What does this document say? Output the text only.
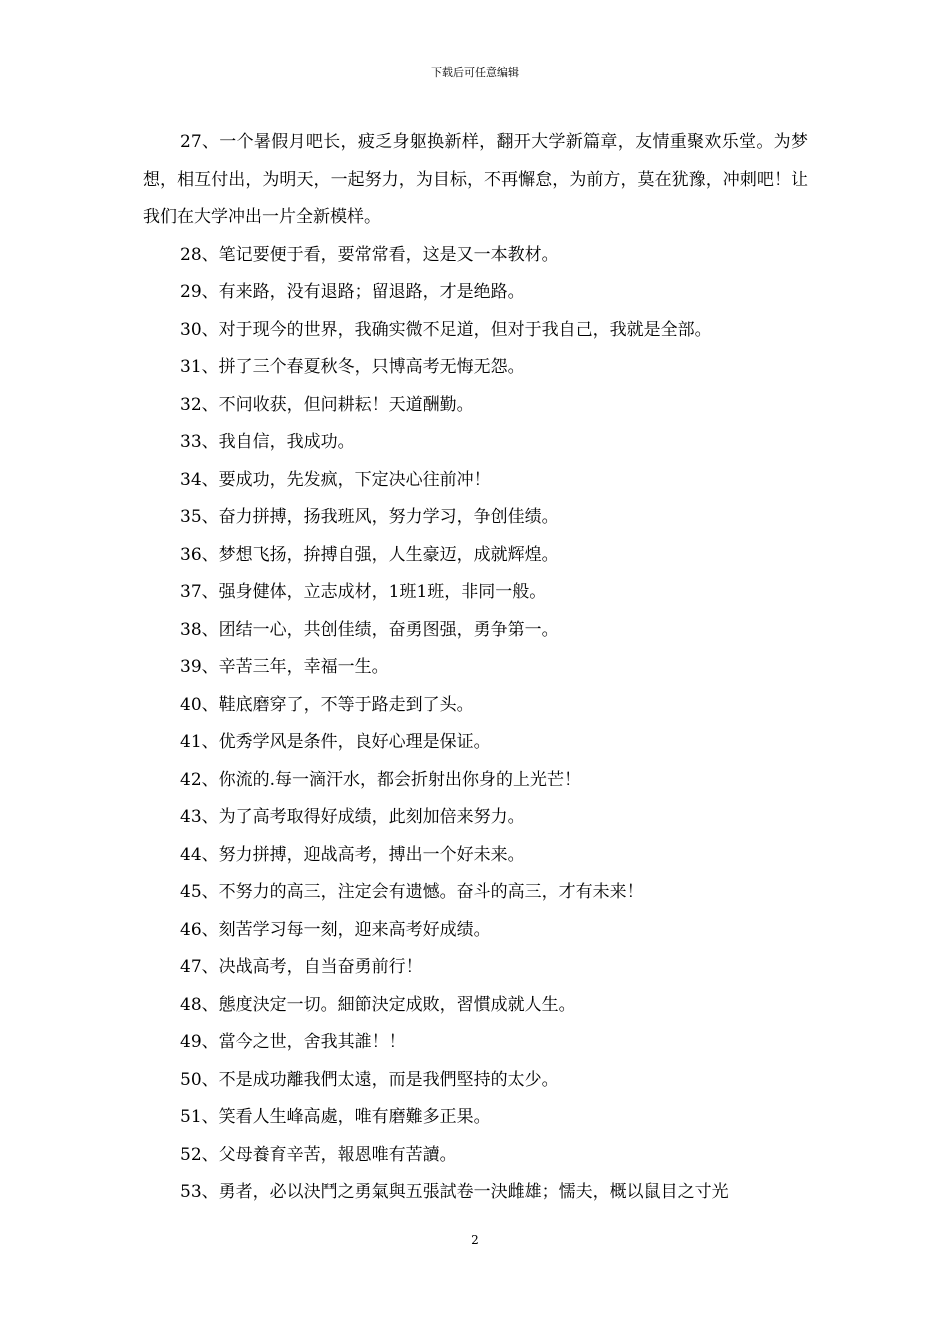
下载后可任意编辑

27、一个暑假月吧长，疲乏身躯换新样，翻开大学新篇章，友情重聚欢乐堂。为梦想，相互付出，为明天，一起努力，为目标，不再懈怠，为前方，莫在犹豫，冲刺吧！让我们在大学冲出一片全新模样。

28、笔记要便于看，要常常看，这是又一本教材。

29、有来路，没有退路；留退路，才是绝路。

30、对于现今的世界，我确实微不足道，但对于我自己，我就是全部。

31、拼了三个春夏秋冬，只博高考无悔无怨。

32、不问收获，但问耕耘！天道酬勤。

33、我自信，我成功。

34、要成功，先发疯，下定决心往前冲！

35、奋力拼搏，扬我班风，努力学习，争创佳绩。

36、梦想飞扬，拚搏自强，人生豪迈，成就辉煌。

37、强身健体，立志成材，1班1班，非同一般。

38、团结一心，共创佳绩，奋勇图强，勇争第一。

39、辛苦三年，幸福一生。

40、鞋底磨穿了，不等于路走到了头。

41、优秀学风是条件，良好心理是保证。

42、你流的.每一滴汗水，都会折射出你身的上光芒！

43、为了高考取得好成绩，此刻加倍来努力。

44、努力拼搏，迎战高考，搏出一个好未来。

45、不努力的高三，注定会有遗憾。奋斗的高三，才有未来！

46、刻苦学习每一刻，迎来高考好成绩。

47、决战高考，自当奋勇前行！

48、態度決定一切。細節決定成敗，習慣成就人生。

49、當今之世，舍我其誰！！

50、不是成功離我們太遠，而是我們堅持的太少。

51、笑看人生峰高處，唯有磨難多正果。

52、父母養育辛苦，報恩唯有苦讀。

53、勇者，必以決鬥之勇氣與五張試卷一決雌雄；懦夫，概以鼠目之寸光

2
